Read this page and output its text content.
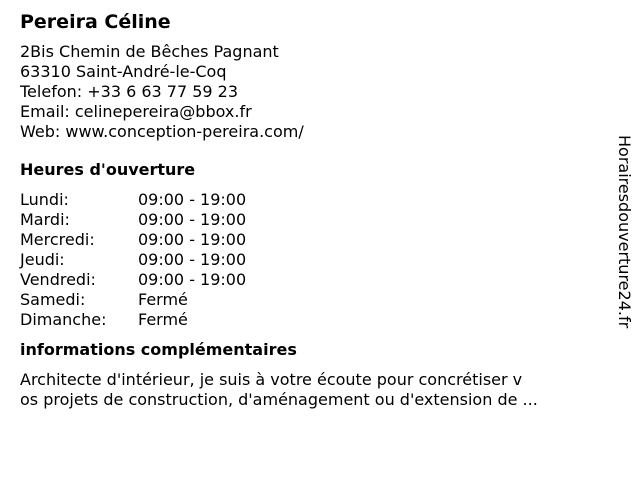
Pereira Céline
2Bis Chemin de Bêches Pagnant
63310 Saint-André-le-Coq
Telefon: +33 6 63 77 59 23
Email: celinepereira@bbox.fr
Web: www.conception-pereira.com/
Heures d'ouverture
Lundi:	09:00 - 19:00
Mardi:	09:00 - 19:00
Mercredi:	09:00 - 19:00
Jeudi:	09:00 - 19:00
Vendredi:	09:00 - 19:00
Samedi:	Fermé
Dimanche:	Fermé
informations complémentaires
Architecte d'intérieur, je suis à votre écoute pour concrétiser v
os projets de construction, d'aménagement ou d'extension de ...
Horairesdouverture24.fr
